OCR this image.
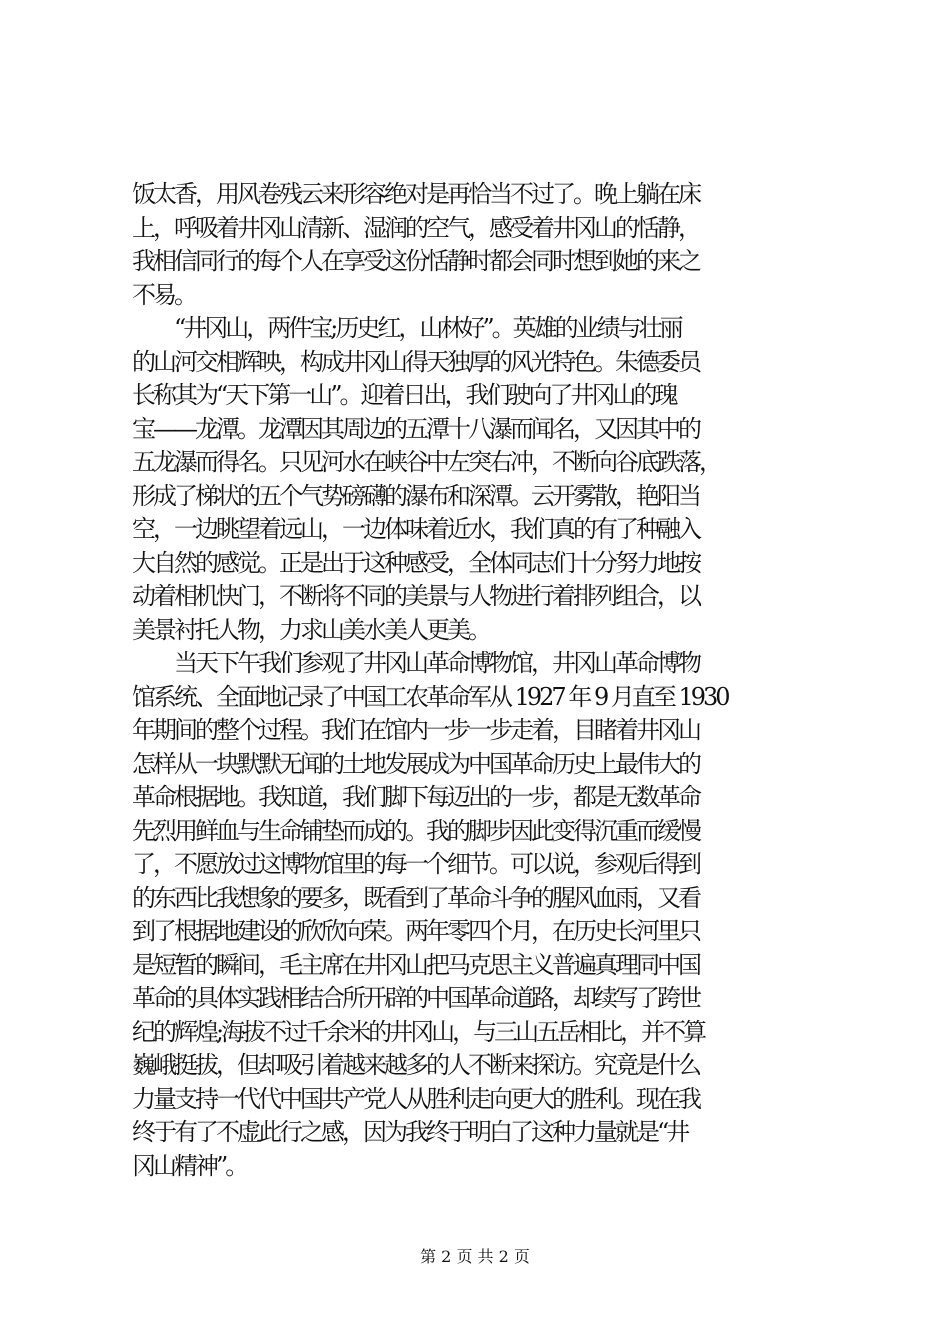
饭太香，用风卷残云来形容绝对是再恰当不过了。晚上躺在床
上，呼吸着井冈山清新、湿润的空气，感受着井冈山的恬静，
我相信同行的每个人在享受这份恬静时都会同时想到她的来之
不易。
　　“井冈山，两件宝;历史红，山林好”。英雄的业绩与壮丽
的山河交相辉映，构成井冈山得天独厚的风光特色。朱德委员
长称其为“天下第一山”。迎着日出，我们驶向了井冈山的瑰
宝——龙潭。龙潭因其周边的五潭十八瀑而闻名，又因其中的
五龙瀑而得名。只见河水在峡谷中左突右冲，不断向谷底跌落，
形成了梯状的五个气势磅礴的瀑布和深潭。云开雾散，艳阳当
空，一边眺望着远山，一边体味着近水，我们真的有了种融入
大自然的感觉。正是出于这种感受，全体同志们十分努力地按
动着相机快门，不断将不同的美景与人物进行着排列组合，以
美景衬托人物，力求山美水美人更美。
　　当天下午我们参观了井冈山革命博物馆，井冈山革命博物
馆系统、全面地记录了中国工农革命军从 1927 年 9 月直至 1930
年期间的整个过程。我们在馆内一步一步走着，目睹着井冈山
怎样从一块默默无闻的土地发展成为中国革命历史上最伟大的
革命根据地。我知道，我们脚下每迈出的一步，都是无数革命
先烈用鲜血与生命铺垫而成的。我的脚步因此变得沉重而缓慢
了，不愿放过这博物馆里的每一个细节。可以说，参观后得到
的东西比我想象的要多，既看到了革命斗争的腥风血雨，又看
到了根据地建设的欣欣向荣。两年零四个月，在历史长河里只
是短暂的瞬间，毛主席在井冈山把马克思主义普遍真理同中国
革命的具体实践相结合所开辟的中国革命道路，却续写了跨世
纪的辉煌;海拔不过千余米的井冈山，与三山五岳相比，并不算
巍峨挺拔，但却吸引着越来越多的人不断来探访。究竟是什么
力量支持一代代中国共产党人从胜利走向更大的胜利。现在我
终于有了不虚此行之感，因为我终于明白了这种力量就是“井
冈山精神”。
第 2 页 共 2 页
